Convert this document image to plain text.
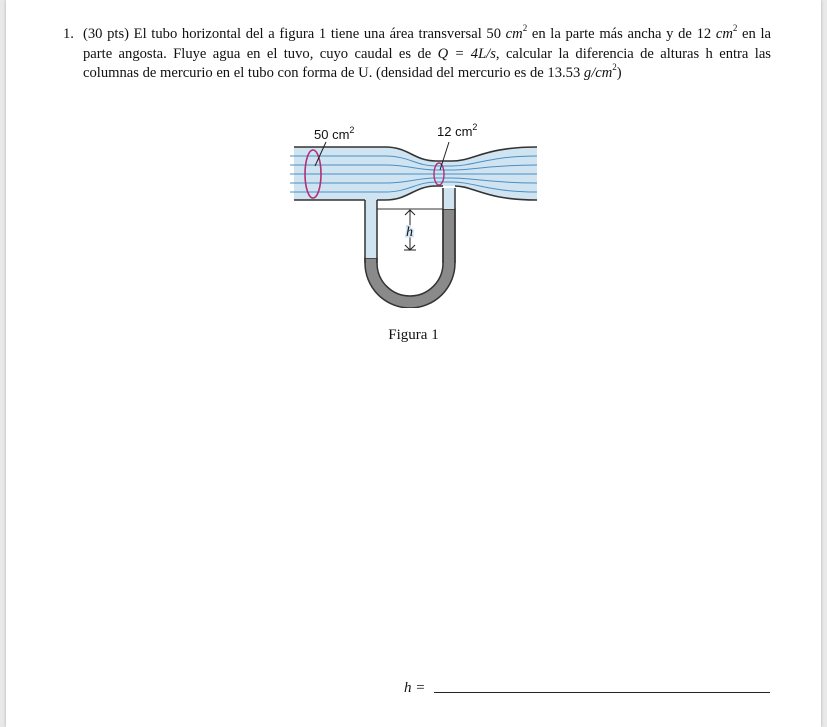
1. (30 pts) El tubo horizontal del a figura 1 tiene una área transversal 50 $cm^2$ en la parte más ancha y de 12 $cm^2$ en la parte angosta. Fluye agua en el tuvo, cuyo caudal es de Q = 4L/s, calcular la diferencia de alturas h entra las columnas de mercurio en el tubo con forma de U. (densidad del mercurio es de 13.53 $g/cm^2$)
50 $cm^2$	12 $cm^2$
h
Figura 1
h =
